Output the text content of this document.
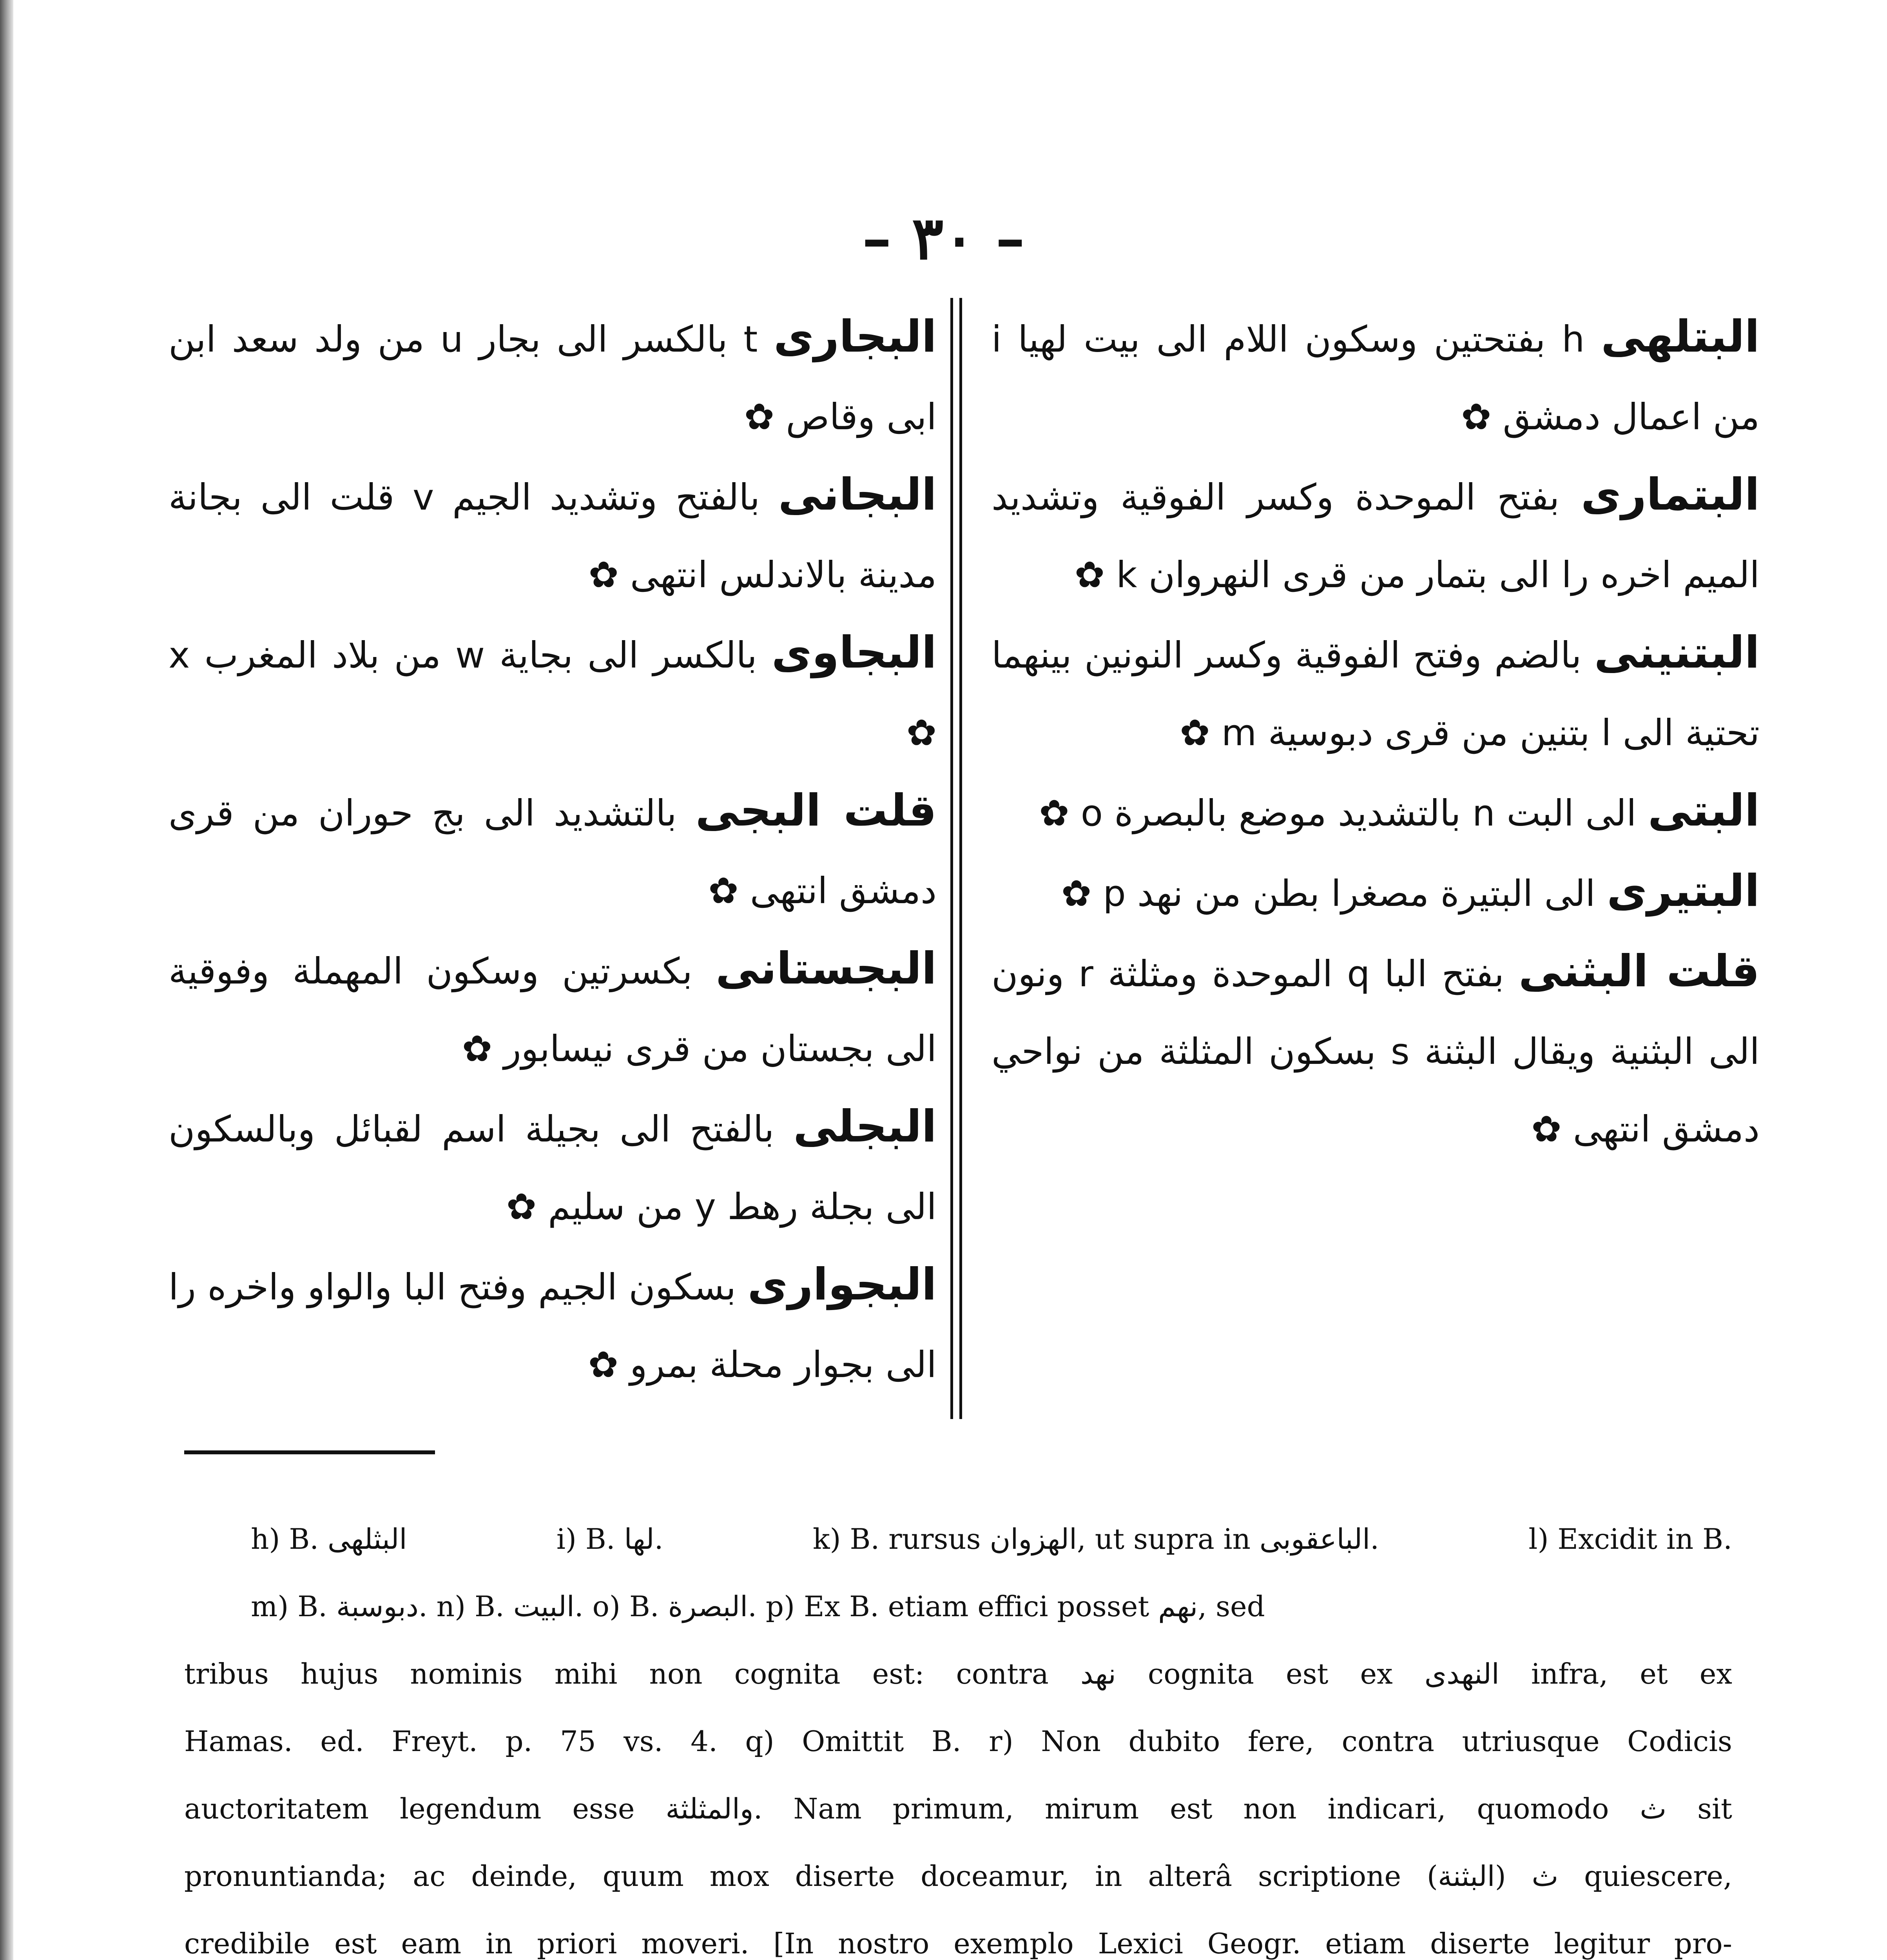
– ٣٠ –

البتلهى h بفتحتين وسكون اللام الى بيت لهيا i من اعمال دمشق ✿

البتمارى بفتح الموحدة وكسر الفوقية وتشديد الميم اخره را الى بتمار من قرى النهروان k ✿

البتنينى بالضم وفتح الفوقية وكسر النونين بينهما تحتية الى l بتنين من قرى دبوسية m ✿

البتى الى البت n بالتشديد موضع بالبصرة o ✿

البتيرى الى البتيرة مصغرا بطن من نهد p ✿

قلت البثنى بفتح البا q الموحدة ومثلثة r ونون الى البثنية ويقال البثنة s بسكون المثلثة من نواحي دمشق انتهى ✿

البجارى t بالكسر الى بجار u من ولد سعد ابن ابى وقاص ✿

البجانى بالفتح وتشديد الجيم v قلت الى بجانة مدينة بالاندلس انتهى ✿

البجاوى بالكسر الى بجاية w من بلاد المغرب x ✿

قلت البجى بالتشديد الى بج حوران من قرى دمشق انتهى ✿

البجستانى بكسرتين وسكون المهملة وفوقية الى بجستان من قرى نيسابور ✿

البجلى بالفتح الى بجيلة اسم لقبائل وبالسكون الى بجلة رهط y من سليم ✿

البجوارى بسكون الجيم وفتح البا والواو واخره را الى بجوار محلة بمرو ✿

h) B. البثلهى	i) B. لها.	k) B. rursus الهزوان, ut supra in الباعقوبى.	l) Excidit in B.

m) B. دبوسبة. n) B. البيت. o) B. البصرة. p) Ex B. etiam effici posset نهم, sed

tribus hujus nominis mihi non cognita est: contra نهد cognita est ex النهدى infra, et ex

Hamas. ed. Freyt. p. 75 vs. 4. q) Omittit B. r) Non dubito fere, contra utriusque Codicis

auctoritatem legendum esse والمثلثة. Nam primum, mirum est non indicari, quomodo ث sit

pronuntianda; ac deinde, quum mox diserte doceamur, in alterâ scriptione (البثنة) ث quiescere,

credibile est eam in priori moveri. [In nostro exemplo Lexici Geogr. etiam diserte legitur pro-
